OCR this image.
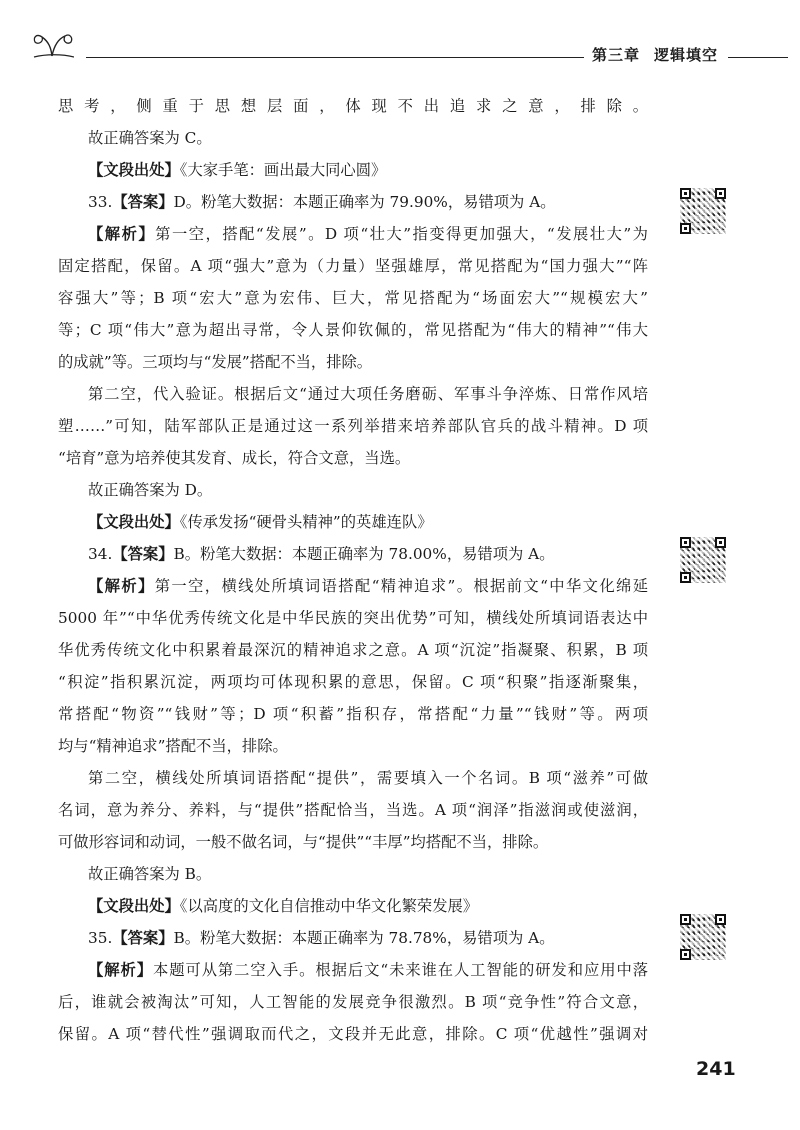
第三章 逻辑填空
思考，侧重于思想层面，体现不出追求之意，排除。
故正确答案为 C。
【文段出处】《大家手笔：画出最大同心圆》
33.【答案】D。粉笔大数据：本题正确率为 79.90%，易错项为 A。
【解析】第一空，搭配“发展”。D 项“壮大”指变得更加强大，“发展壮大”为
固定搭配，保留。A 项“强大”意为（力量）坚强雄厚，常见搭配为“国力强大”“阵
容强大”等；B 项“宏大”意为宏伟、巨大，常见搭配为“场面宏大”“规模宏大”
等；C 项“伟大”意为超出寻常，令人景仰钦佩的，常见搭配为“伟大的精神”“伟大
的成就”等。三项均与“发展”搭配不当，排除。
第二空，代入验证。根据后文“通过大项任务磨砺、军事斗争淬炼、日常作风培
塑……”可知，陆军部队正是通过这一系列举措来培养部队官兵的战斗精神。D 项
“培育”意为培养使其发育、成长，符合文意，当选。
故正确答案为 D。
【文段出处】《传承发扬“硬骨头精神”的英雄连队》
34.【答案】B。粉笔大数据：本题正确率为 78.00%，易错项为 A。
【解析】第一空，横线处所填词语搭配“精神追求”。根据前文“中华文化绵延
5000 年”“中华优秀传统文化是中华民族的突出优势”可知，横线处所填词语表达中
华优秀传统文化中积累着最深沉的精神追求之意。A 项“沉淀”指凝聚、积累，B 项
“积淀”指积累沉淀，两项均可体现积累的意思，保留。C 项“积聚”指逐渐聚集，
常搭配“物资”“钱财”等；D 项“积蓄”指积存，常搭配“力量”“钱财”等。两项
均与“精神追求”搭配不当，排除。
第二空，横线处所填词语搭配“提供”，需要填入一个名词。B 项“滋养”可做
名词，意为养分、养料，与“提供”搭配恰当，当选。A 项“润泽”指滋润或使滋润，
可做形容词和动词，一般不做名词，与“提供”“丰厚”均搭配不当，排除。
故正确答案为 B。
【文段出处】《以高度的文化自信推动中华文化繁荣发展》
35.【答案】B。粉笔大数据：本题正确率为 78.78%，易错项为 A。
【解析】本题可从第二空入手。根据后文“未来谁在人工智能的研发和应用中落
后，谁就会被淘汰”可知，人工智能的发展竞争很激烈。B 项“竞争性”符合文意，
保留。A 项“替代性”强调取而代之，文段并无此意，排除。C 项“优越性”强调对
241
